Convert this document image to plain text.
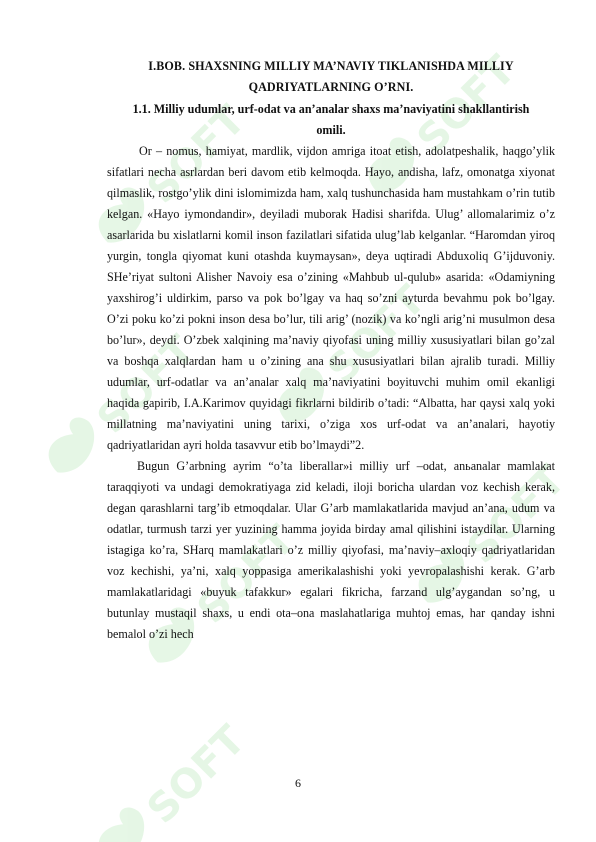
SOFT	SOFT
SOFT	SOFT
SOFT
SOFT
SOFT

I.BOB. SHAXSNING MILLIY MA’NAVIY TIKLANISHDA MILLIY QADRIYATLARNING O’RNI.

1.1. Milliy udumlar, urf-odat va an’analar shaxs ma’naviyatini shakllantirish omili.

Or – nomus, hamiyat, mardlik, vijdon amriga itoat etish, adolatpeshalik, haqgo’ylik sifatlari necha asrlardan beri davom etib kelmoqda. Hayo, andisha, lafz, omonatga xiyonat qilmaslik, rostgo’ylik dini islomimizda ham, xalq tushunchasida ham mustahkam o’rin tutib kelgan. «Hayo iymondandir», deyiladi muborak Hadisi sharifda. Ulug’ allomalarimiz o’z asarlarida bu xislatlarni komil inson fazilatlari sifatida ulug’lab kelganlar. “Haromdan yiroq yurgin, tongla qiyomat kuni otashda kuymaysan», deya uqtiradi Abduxoliq G’ijduvoniy. SHe’riyat sultoni Alisher Navoiy esa o’zining «Mahbub ul-qulub» asarida: «Odamiyning yaxshirog’i uldirkim, parso va pok bo’lgay va haq so’zni ayturda bevahmu pok bo’lgay. O’zi poku ko’zi pokni inson desa bo’lur, tili arig’ (nozik) va ko’ngli arig’ni musulmon desa bo’lur», deydi. O’zbek xalqining ma’naviy qiyofasi uning milliy xususiyatlari bilan go’zal va boshqa xalqlardan ham u o’zining ana shu xususiyatlari bilan ajralib turadi. Milliy udumlar, urf-odatlar va an’analar xalq ma’naviyatini boyituvchi muhim omil ekanligi haqida gapirib, I.A.Karimov quyidagi fikrlarni bildirib o’tadi: “Albatta, har qaysi xalq yoki millatning ma’naviyatini uning tarixi, o’ziga xos urf-odat va an’analari, hayotiy qadriyatlaridan ayri holda tasavvur etib bo’lmaydi”2.

Bugun G’arbning ayrim “o’ta liberallar»i milliy urf –odat, anьanalar mamlakat taraqqiyoti va undagi demokratiyaga zid keladi, iloji boricha ulardan voz kechish kerak, degan qarashlarni targ’ib etmoqdalar. Ular G’arb mamlakatlarida mavjud an’ana, udum va odatlar, turmush tarzi yer yuzining hamma joyida birday amal qilishini istaydilar. Ularning istagiga ko’ra, SHarq mamlakatlari o’z milliy qiyofasi, ma’naviy–axloqiy qadriyatlaridan voz kechishi, ya’ni, xalq yoppasiga amerikalashishi yoki yevropalashishi kerak. G’arb mamlakatlaridagi «buyuk tafakkur» egalari fikricha, farzand ulg’aygandan so’ng, u butunlay mustaqil shaxs, u endi ota–ona maslahatlariga muhtoj emas, har qanday ishni bemalol o’zi hech

6
